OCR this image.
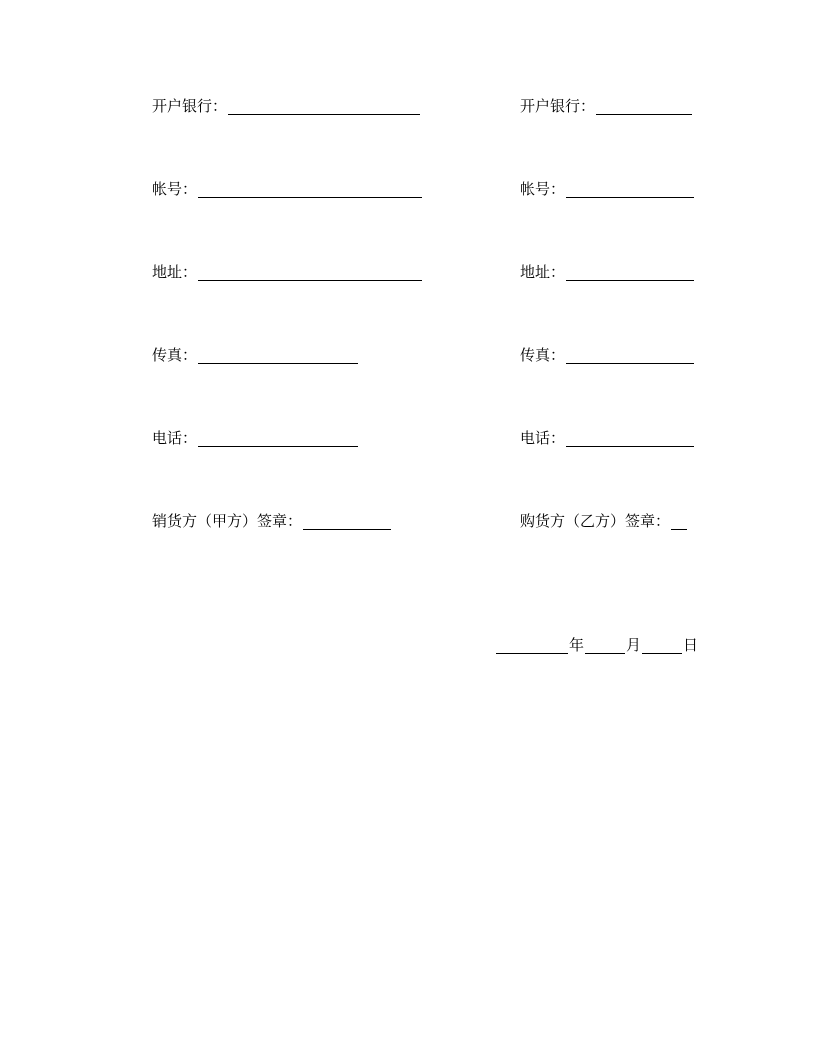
开户银行：
帐号：
地址：
传真：
电话：
销货方（甲方）签章：
开户银行：
帐号：
地址：
传真：
电话：
购货方（乙方）签章：
年	月	日
